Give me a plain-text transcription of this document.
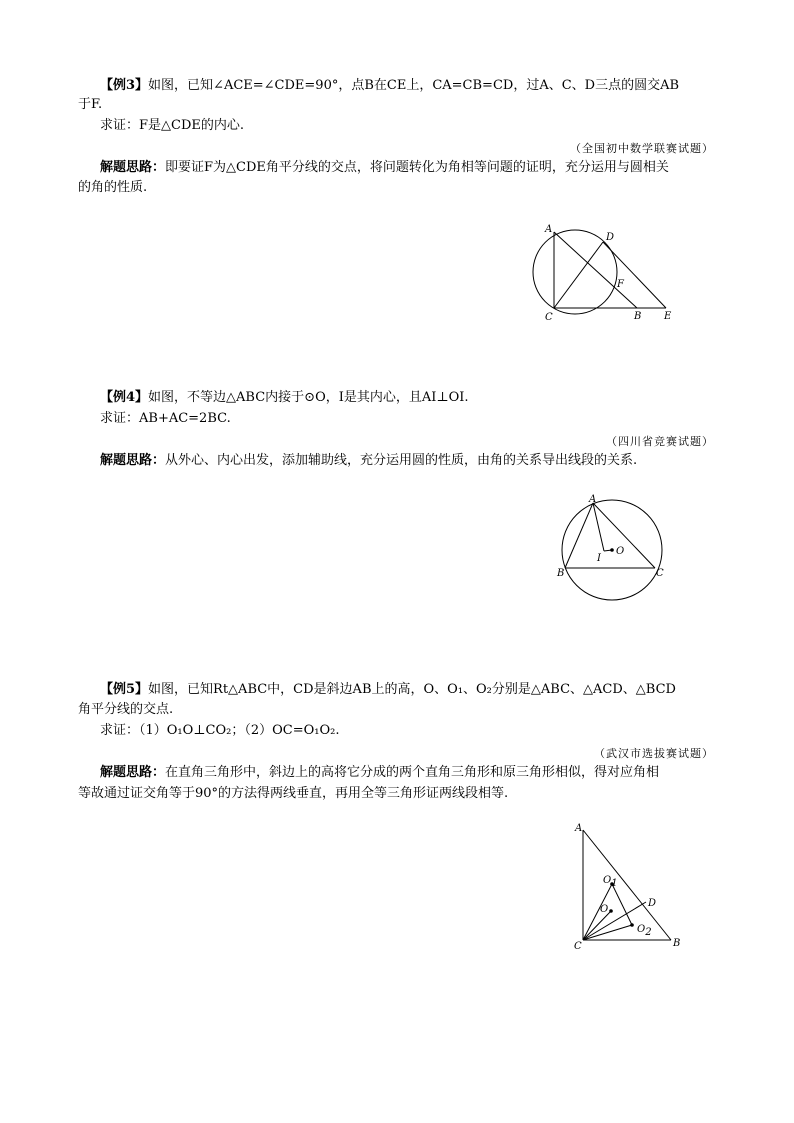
【例3】如图，已知∠ACE=∠CDE=90°，点B在CE上，CA=CB=CD，过A、C、D三点的圆交AB
于F.
求证：F是△CDE的内心.
（全国初中数学联赛试题）
解题思路：即要证F为△CDE角平分线的交点，将问题转化为角相等问题的证明，充分运用与圆相关
的角的性质.
A
D
F
C	B E
【例4】如图，不等边△ABC内接于⊙O，I是其内心，且AI⊥OI.
求证：AB+AC=2BC.
（四川省竞赛试题）
解题思路：从外心、内心出发，添加辅助线，充分运用圆的性质，由角的关系导出线段的关系.
A
I
O
B	C
【例5】如图，已知Rt△ABC中，CD是斜边AB上的高，O、O₁、O₂分别是△ABC、△ACD、△BCD
角平分线的交点.
求证：（1）O₁O⊥CO₂；（2）OC=O₁O₂.
（武汉市选拔赛试题）
解题思路：在直角三角形中，斜边上的高将它分成的两个直角三角形和原三角形相似，得对应角相
等故通过证交角等于90°的方法得两线垂直，再用全等三角形证两线段相等.
A
O1
O
D
O2
C	B
